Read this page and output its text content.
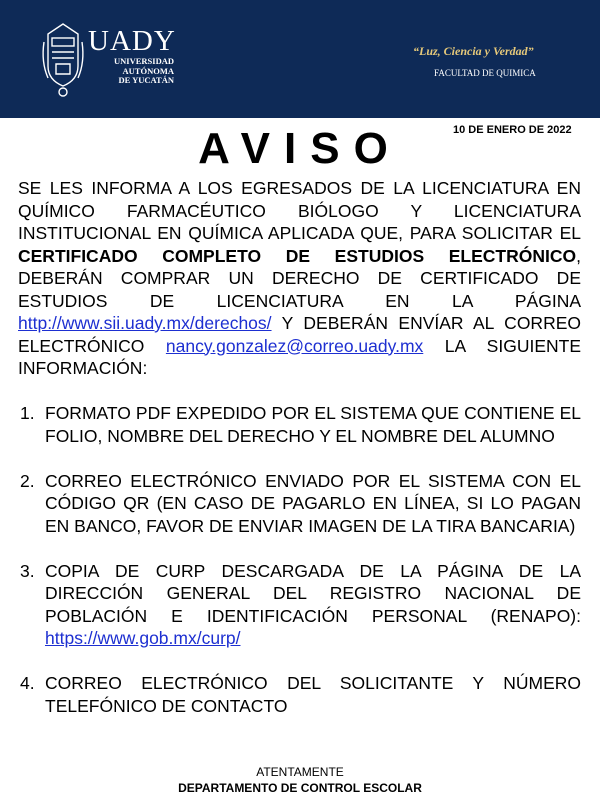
UADY
UNIVERSIDAD
AUTÓNOMA
DE YUCATÁN
“Luz, Ciencia y Verdad”
FACULTAD DE QUIMICA
10 DE ENERO DE 2022
AVISO

SE LES INFORMA A LOS EGRESADOS DE LA LICENCIATURA EN QUÍMICO FARMACÉUTICO BIÓLOGO Y LICENCIATURA INSTITUCIONAL EN QUÍMICA APLICADA QUE, PARA SOLICITAR EL CERTIFICADO COMPLETO DE ESTUDIOS ELECTRÓNICO, DEBERÁN COMPRAR UN DERECHO DE CERTIFICADO DE ESTUDIOS DE LICENCIATURA EN LA PÁGINA http://www.sii.uady.mx/derechos/ Y DEBERÁN ENVÍAR AL CORREO ELECTRÓNICO nancy.gonzalez@correo.uady.mx LA SIGUIENTE INFORMACIÓN:

1. FORMATO PDF EXPEDIDO POR EL SISTEMA QUE CONTIENE EL FOLIO, NOMBRE DEL DERECHO Y EL NOMBRE DEL ALUMNO
2. CORREO ELECTRÓNICO ENVIADO POR EL SISTEMA CON EL CÓDIGO QR (EN CASO DE PAGARLO EN LÍNEA, SI LO PAGAN EN BANCO, FAVOR DE ENVIAR IMAGEN DE LA TIRA BANCARIA)
3. COPIA DE CURP DESCARGADA DE LA PÁGINA DE LA DIRECCIÓN GENERAL DEL REGISTRO NACIONAL DE POBLACIÓN E IDENTIFICACIÓN PERSONAL (RENAPO): https://www.gob.mx/curp/
4. CORREO ELECTRÓNICO DEL SOLICITANTE Y NÚMERO TELEFÓNICO DE CONTACTO
ATENTAMENTE
DEPARTAMENTO DE CONTROL ESCOLAR
